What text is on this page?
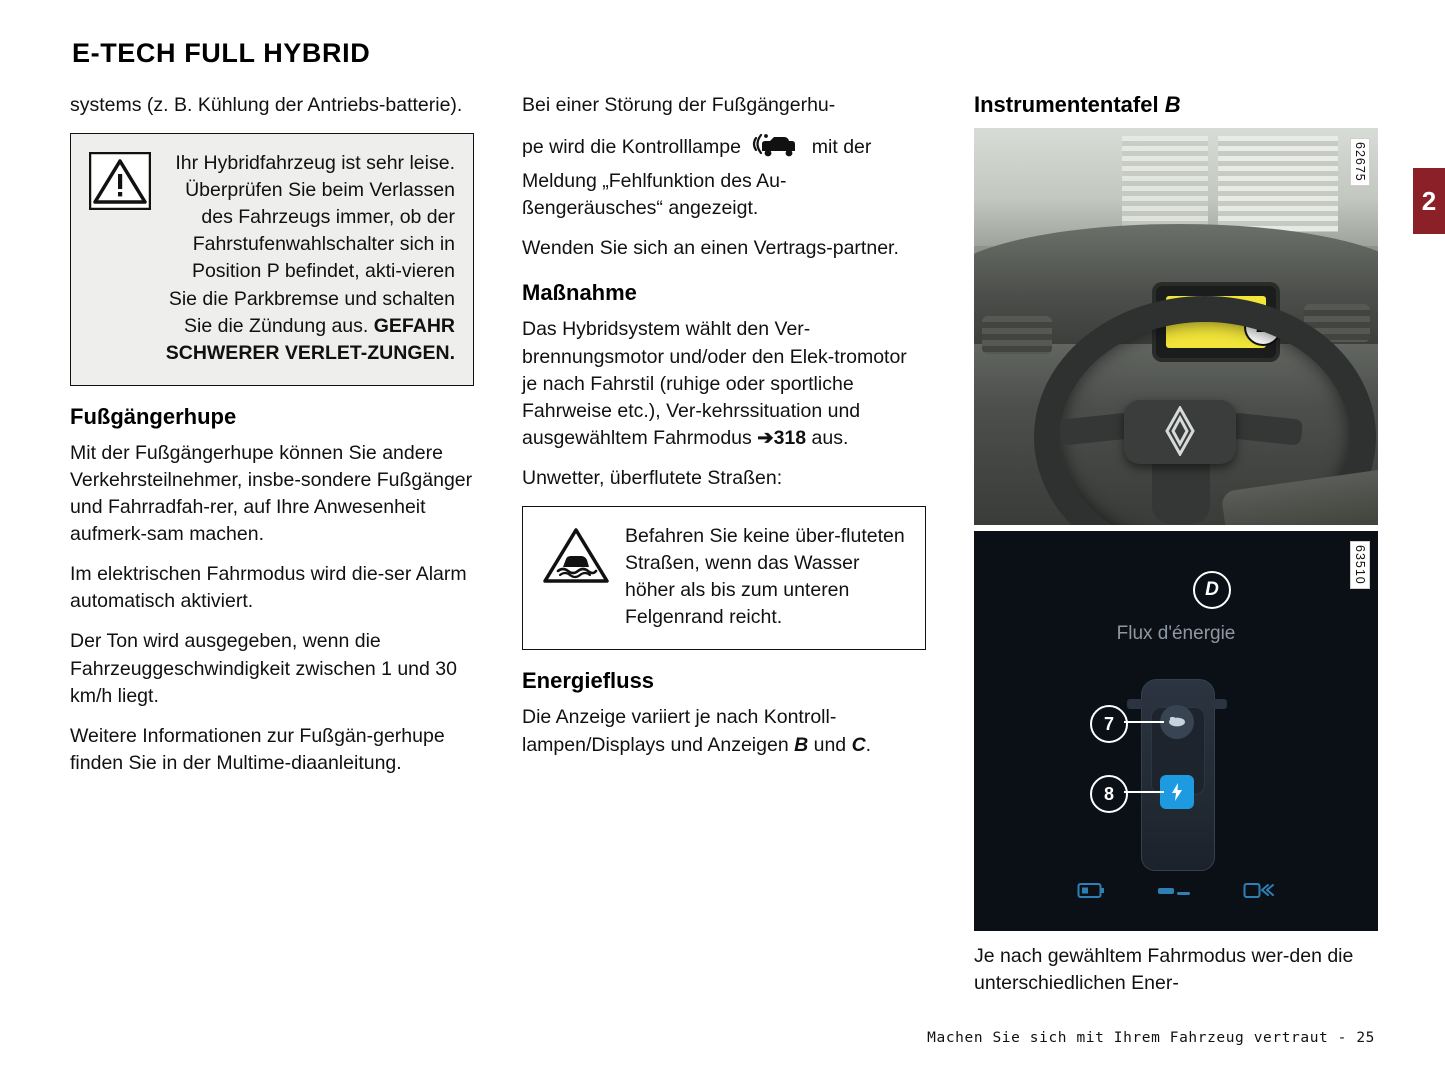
2
E-TECH FULL HYBRID

systems (z. B. Kühlung der Antriebs-batterie).

Ihr Hybridfahrzeug ist sehr leise. Überprüfen Sie beim Verlassen des Fahrzeugs immer, ob der Fahrstufenwahlschalter sich in Position P befindet, akti-vieren Sie die Parkbremse und schalten Sie die Zündung aus. GEFAHR SCHWERER VERLET-ZUNGEN.
Fußgängerhupe

Mit der Fußgängerhupe können Sie andere Verkehrsteilnehmer, insbe-sondere Fußgänger und Fahrradfah-rer, auf Ihre Anwesenheit aufmerk-sam machen.

Im elektrischen Fahrmodus wird die-ser Alarm automatisch aktiviert.

Der Ton wird ausgegeben, wenn die Fahrzeuggeschwindigkeit zwischen 1 und 30 km/h liegt.

Weitere Informationen zur Fußgän-gerhupe finden Sie in der Multime-diaanleitung.

Bei einer Störung der Fußgängerhu-

pe wird die Kontrolllampe	mit der Meldung „Fehlfunktion des Au-ßengeräusches“ angezeigt.

Wenden Sie sich an einen Vertrags-partner.

Maßnahme

Das Hybridsystem wählt den Ver-brennungsmotor und/oder den Elek-tromotor je nach Fahrstil (ruhige oder sportliche Fahrweise etc.), Ver-kehrssituation und ausgewähltem Fahrmodus ➔318 aus.

Unwetter, überflutete Straßen:

Befahren Sie keine über-fluteten Straßen, wenn das Wasser höher als bis zum unteren Felgenrand reicht.
Energiefluss

Die Anzeige variiert je nach Kontroll-lampen/Displays und Anzeigen B und C.

Instrumententafel B
B
62675
D
Flux d'énergie
7
8
63510

Je nach gewähltem Fahrmodus wer-den die unterschiedlichen Ener-

Machen Sie sich mit Ihrem Fahrzeug vertraut - 25
